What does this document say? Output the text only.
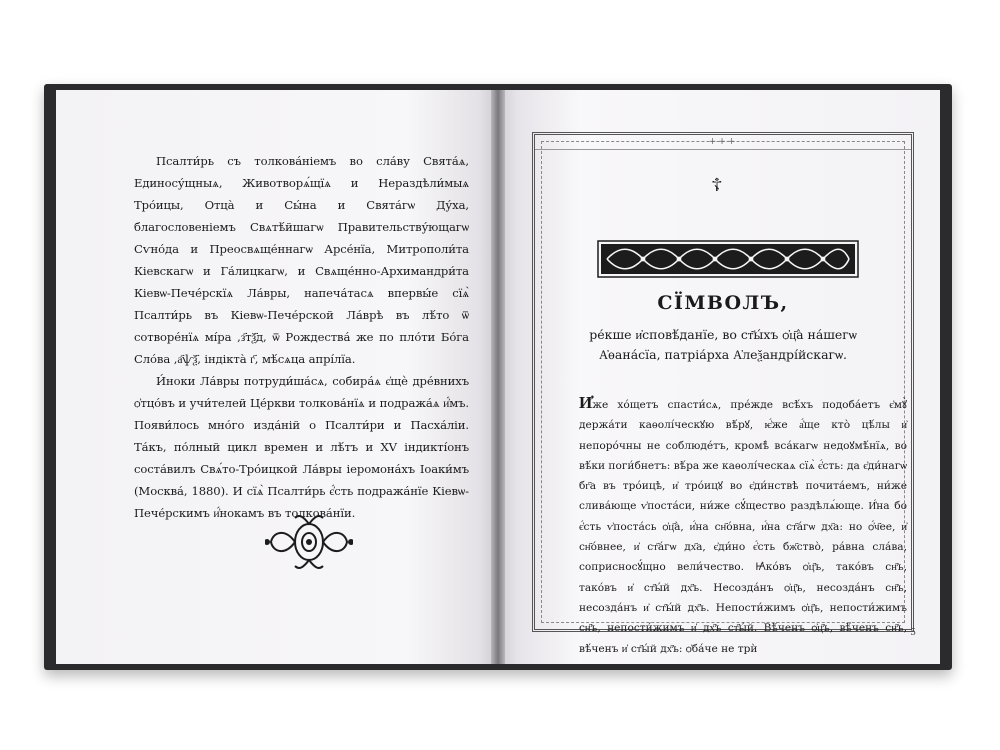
Псалти́рь съ толкова́ніемъ во сла́ву Свята́ѧ, Единосу́щныѧ, Животворѧ́щїѧ и Нераздѣли́мыѧ Тро́ицы, Отца̀ и Сы́на и Свята́гѡ Ду́ха, благословеніемъ Свѧтѣ́йшагѡ Правительству́ющагѡ Сѵно́да и Преосвѧще́ннагѡ Арсе́нїа, Митрополи́та Кіевскагѡ и Га́лицкагѡ, и Свѧще́нно-Архимандри́та Кіевѡ-Пече́рскїѧ Ла́вры, напеча́тасѧ впервы́е сїѧ̀ Псалти́рь въ Кіевѡ-Пече́рской Ла́врѣ въ лѣ́то ѿ сотворе́нїѧ мі́ра ,з҃тѯ҃д, ѿ Рождества́ же по пло́ти Бо́га Сло́ва ,а҃ѱѯ҃, індікта̀ г҃, мѣ́сѧца апрі́лїа.

И́ноки Ла́вры потруди́ша́сѧ, собира́ѧ є҆щѐ дре́внихъ ѻ҆тцо́въ и учи́телей Це́ркви толкова́нїѧ и подража́ѧ и҆́мъ. Появи́лось мно́го изда́ній о Псалти́ри и Пасха́ліи. Та́къ, по́лный цикл времен и лѣ́тъ и XV індикті́онъ соста́вилъ Свѧ́то-Тро́ицкой Ла́вры іеромона́хъ Іоаки́мъ (Москва́, 1880). И сїѧ̀ Псалти́рь є҆́сть подража́нїе Кіевѡ-Пече́рскимъ и҆́нокамъ въ толкова́нїи.

+++
☦
СЇМВОЛЪ,
ре́кше и҆сповѣ́данїе, во ст҃ы́хъ ѻ҆ц҃а̀ на́шегѡ А҆ѳана́сїа, патріа́рха А҆леѯандрі́йскагѡ.
И҆́же хо́щетъ спасти́сѧ, пре́жде всѣ́хъ подоба́етъ є҆мꙋ̀ держа́ти каѳолі́ческꙋю вѣ́рꙋ, ѥ҆́же а҆́ще кто̀ цѣ́лы и҆ непоро́чны не соблюде́тъ, кромѣ̀ вса́кагѡ недоꙋмѣ́нїѧ, во вѣ́ки поги́бнетъ: вѣ́ра же каѳолі́ческаѧ сїѧ̀ є҆́сть: да є҆ди́нагѡ бг҃а въ тро́ицѣ, и҆ тро́ицꙋ во є҆ди́нствѣ почита́емъ, ни́же слива́юще ѵ҆поста́си, ни́же сꙋ́щество раздѣлѧ́юще. И҆́на бо є҆́сть ѵ҆поста́сь ѻ҆ц҃а̀, и҆́на сн҃о́вна, и҆́на ст҃а́гѡ дх҃а: но ѻ҆́ч҃ее, и҆ сн҃о́внее, и҆ ст҃а́гѡ дх҃а, є҆ди́но є҆́сть бж҃ство̀, ра́вна сла́ва, соприсносꙋ́щно вели́чество. Ꙗ҆ко́въ ѻ҆ц҃ъ, тако́въ сн҃ъ, тако́въ и҆ ст҃ы́й дх҃ъ. Несозда́нъ ѻ҆ц҃ъ, несозда́нъ сн҃ъ, несозда́нъ и҆ ст҃ы́й дх҃ъ. Непости́жимъ ѻ҆ц҃ъ, непости́жимъ сн҃ъ, непости́жимъ и҆ дх҃ъ ст҃ы́й. Вѣ́ченъ ѻ҆ц҃ъ, вѣ́ченъ сн҃ъ, вѣ́ченъ и҆ ст҃ы́й дх҃ъ: ѻ҆ба́че не трѝ
5
